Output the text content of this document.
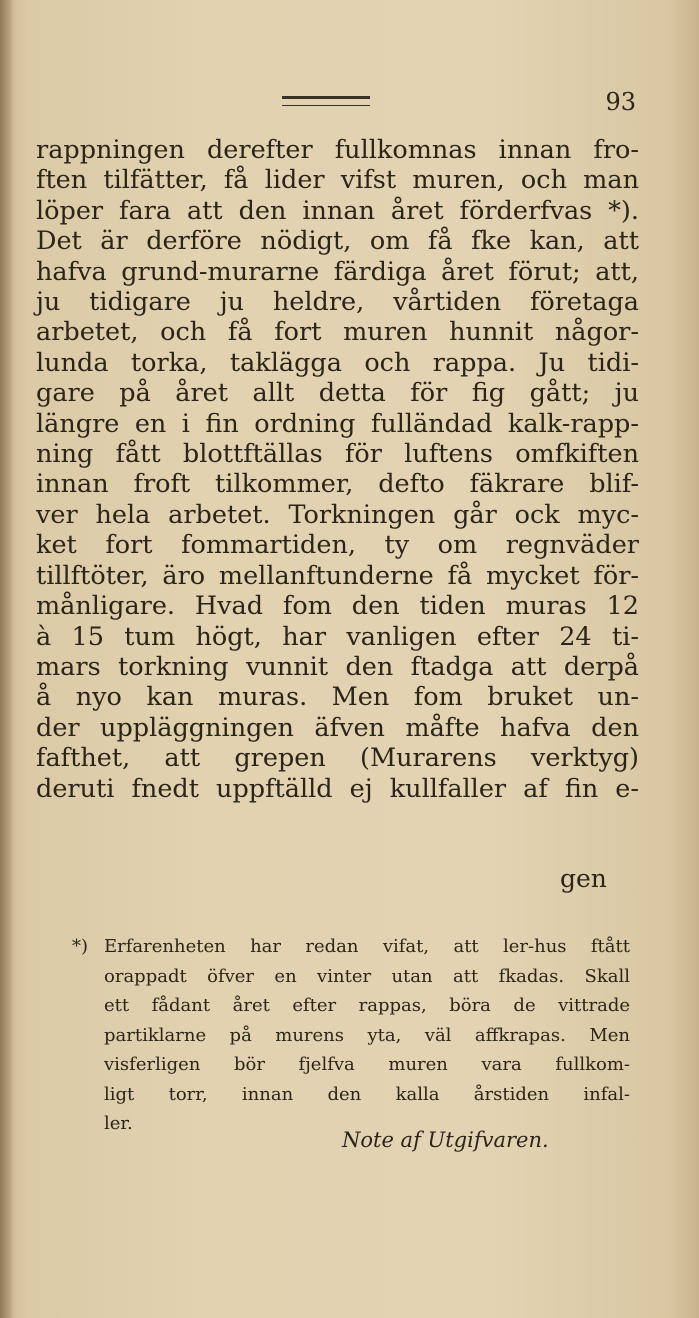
93
rappningen derefter fullkomnas innan fro-
ften tilfätter, få lider vifst muren, och man
löper fara att den innan året förderfvas *).
Det är derföre nödigt, om få fke kan, att
hafva grund-murarne färdiga året förut; att,
ju tidigare ju heldre, vårtiden företaga
arbetet, och få fort muren hunnit någor-
lunda torka, taklägga och rappa. Ju tidi-
gare på året allt detta för fig gått; ju
längre en i fin ordning fulländad kalk-rapp-
ning fått blottftällas för luftens omfkiften
innan froft tilkommer, defto fäkrare blif-
ver hela arbetet. Torkningen går ock myc-
ket fort fommartiden, ty om regnväder
tillftöter, äro mellanftunderne få mycket för-
månligare. Hvad fom den tiden muras 12
à 15 tum högt, har vanligen efter 24 ti-
mars torkning vunnit den ftadga att derpå
å nyo kan muras. Men fom bruket un-
der uppläggningen äfven måfte hafva den
fafthet, att grepen (Murarens verktyg)
deruti fnedt uppftälld ej kullfaller af fin e-
gen
*) Erfarenheten har redan vifat, att ler-hus ftått
orappadt öfver en vinter utan att fkadas. Skall
ett fådant året efter rappas, böra de vittrade
partiklarne på murens yta, väl affkrapas. Men
visferligen bör fjelfva muren vara fullkom-
ligt torr, innan den kalla årstiden infal-
ler.
Note af Utgifvaren.
